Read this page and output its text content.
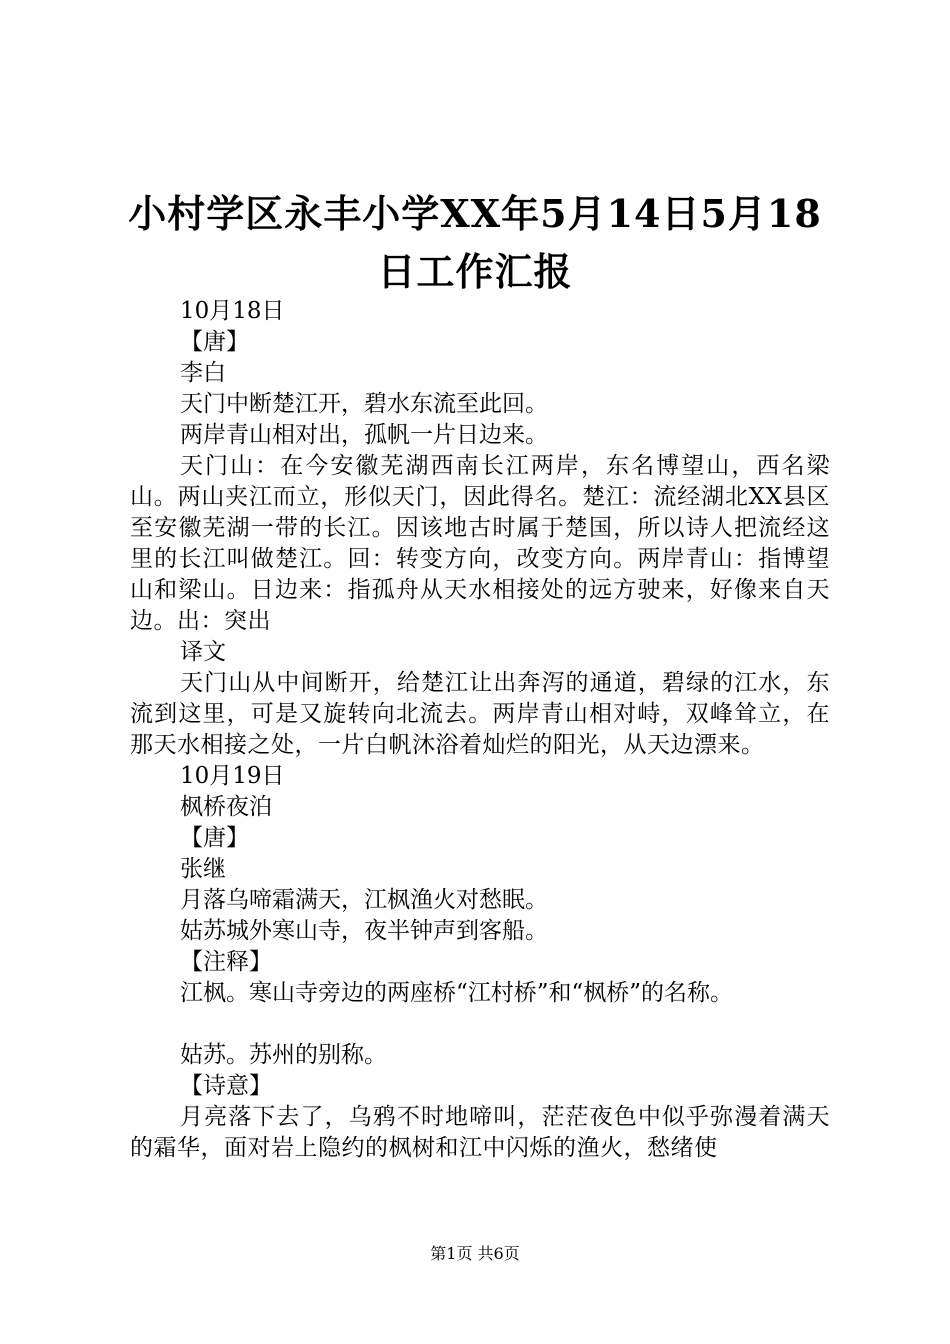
小村学区永丰小学XX年5月14日5月18日工作汇报
10月18日
【唐】
李白
天门中断楚江开，碧水东流至此回。
两岸青山相对出，孤帆一片日边来。
天门山：在今安徽芜湖西南长江两岸，东名博望山，西名梁山。两山夹江而立，形似天门，因此得名。楚江：流经湖北XX县区至安徽芜湖一带的长江。因该地古时属于楚国，所以诗人把流经这里的长江叫做楚江。回：转变方向，改变方向。两岸青山：指博望山和梁山。日边来：指孤舟从天水相接处的远方驶来，好像来自天边。出：突出
译文
天门山从中间断开，给楚江让出奔泻的通道，碧绿的江水，东流到这里，可是又旋转向北流去。两岸青山相对峙，双峰耸立，在那天水相接之处，一片白帆沐浴着灿烂的阳光，从天边漂来。
10月19日
枫桥夜泊
【唐】
张继
月落乌啼霜满天，江枫渔火对愁眠。
姑苏城外寒山寺，夜半钟声到客船。
【注释】
江枫。寒山寺旁边的两座桥“江村桥”和“枫桥”的名称。
姑苏。苏州的别称。
【诗意】
月亮落下去了，乌鸦不时地啼叫，茫茫夜色中似乎弥漫着满天的霜华，面对岩上隐约的枫树和江中闪烁的渔火，愁绪使
第1页 共6页
